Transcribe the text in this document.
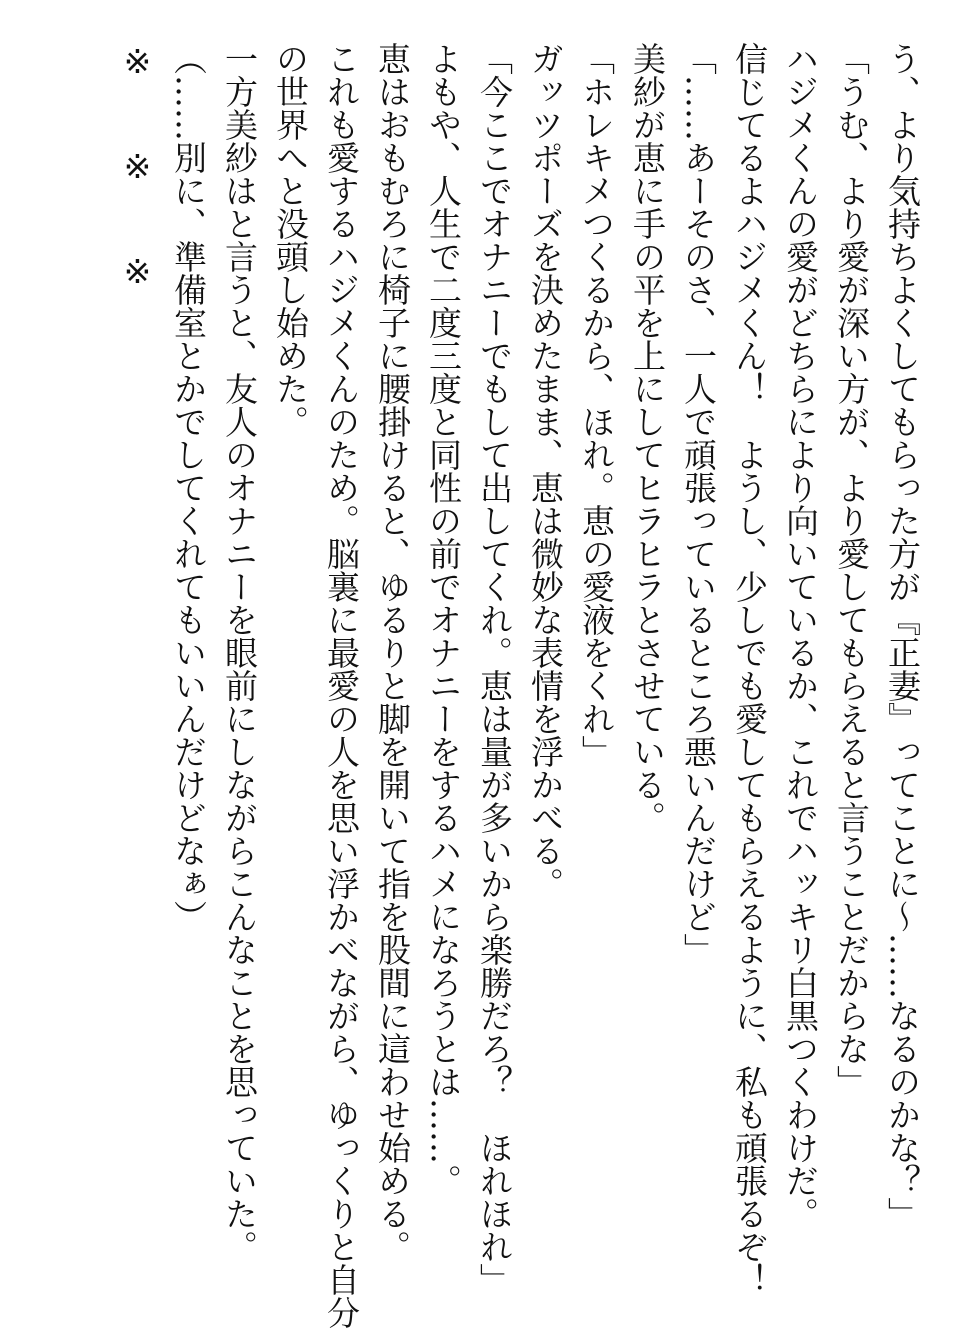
う、より気持ちよくしてもらった方が『正妻』ってことに〜……なるのかな？」
「うむ、より愛が深い方が、より愛してもらえると言うことだからな」
ハジメくんの愛がどちらにより向いているか、これでハッキリ白黒つくわけだ。
信じてるよハジメくん！　ようし、少しでも愛してもらえるように、私も頑張るぞ！
「……あーそのさ、一人で頑張っているところ悪いんだけど」
美紗が恵に手の平を上にしてヒラヒラとさせている。
「ホレキメつくるから、ほれ。恵の愛液をくれ」
ガッツポーズを決めたまま、恵は微妙な表情を浮かべる。
「今ここでオナニーでもして出してくれ。恵は量が多いから楽勝だろ？　ほれほれ」
よもや、人生で二度三度と同性の前でオナニーをするハメになろうとは……。
恵はおもむろに椅子に腰掛けると、ゆるりと脚を開いて指を股間に這わせ始める。
これも愛するハジメくんのため。脳裏に最愛の人を思い浮かべながら、ゆっくりと自分
の世界へと没頭し始めた。
一方美紗はと言うと、友人のオナニーを眼前にしながらこんなことを思っていた。
（……別に、準備室とかでしてくれてもいいんだけどなぁ）
※　　※　　※
